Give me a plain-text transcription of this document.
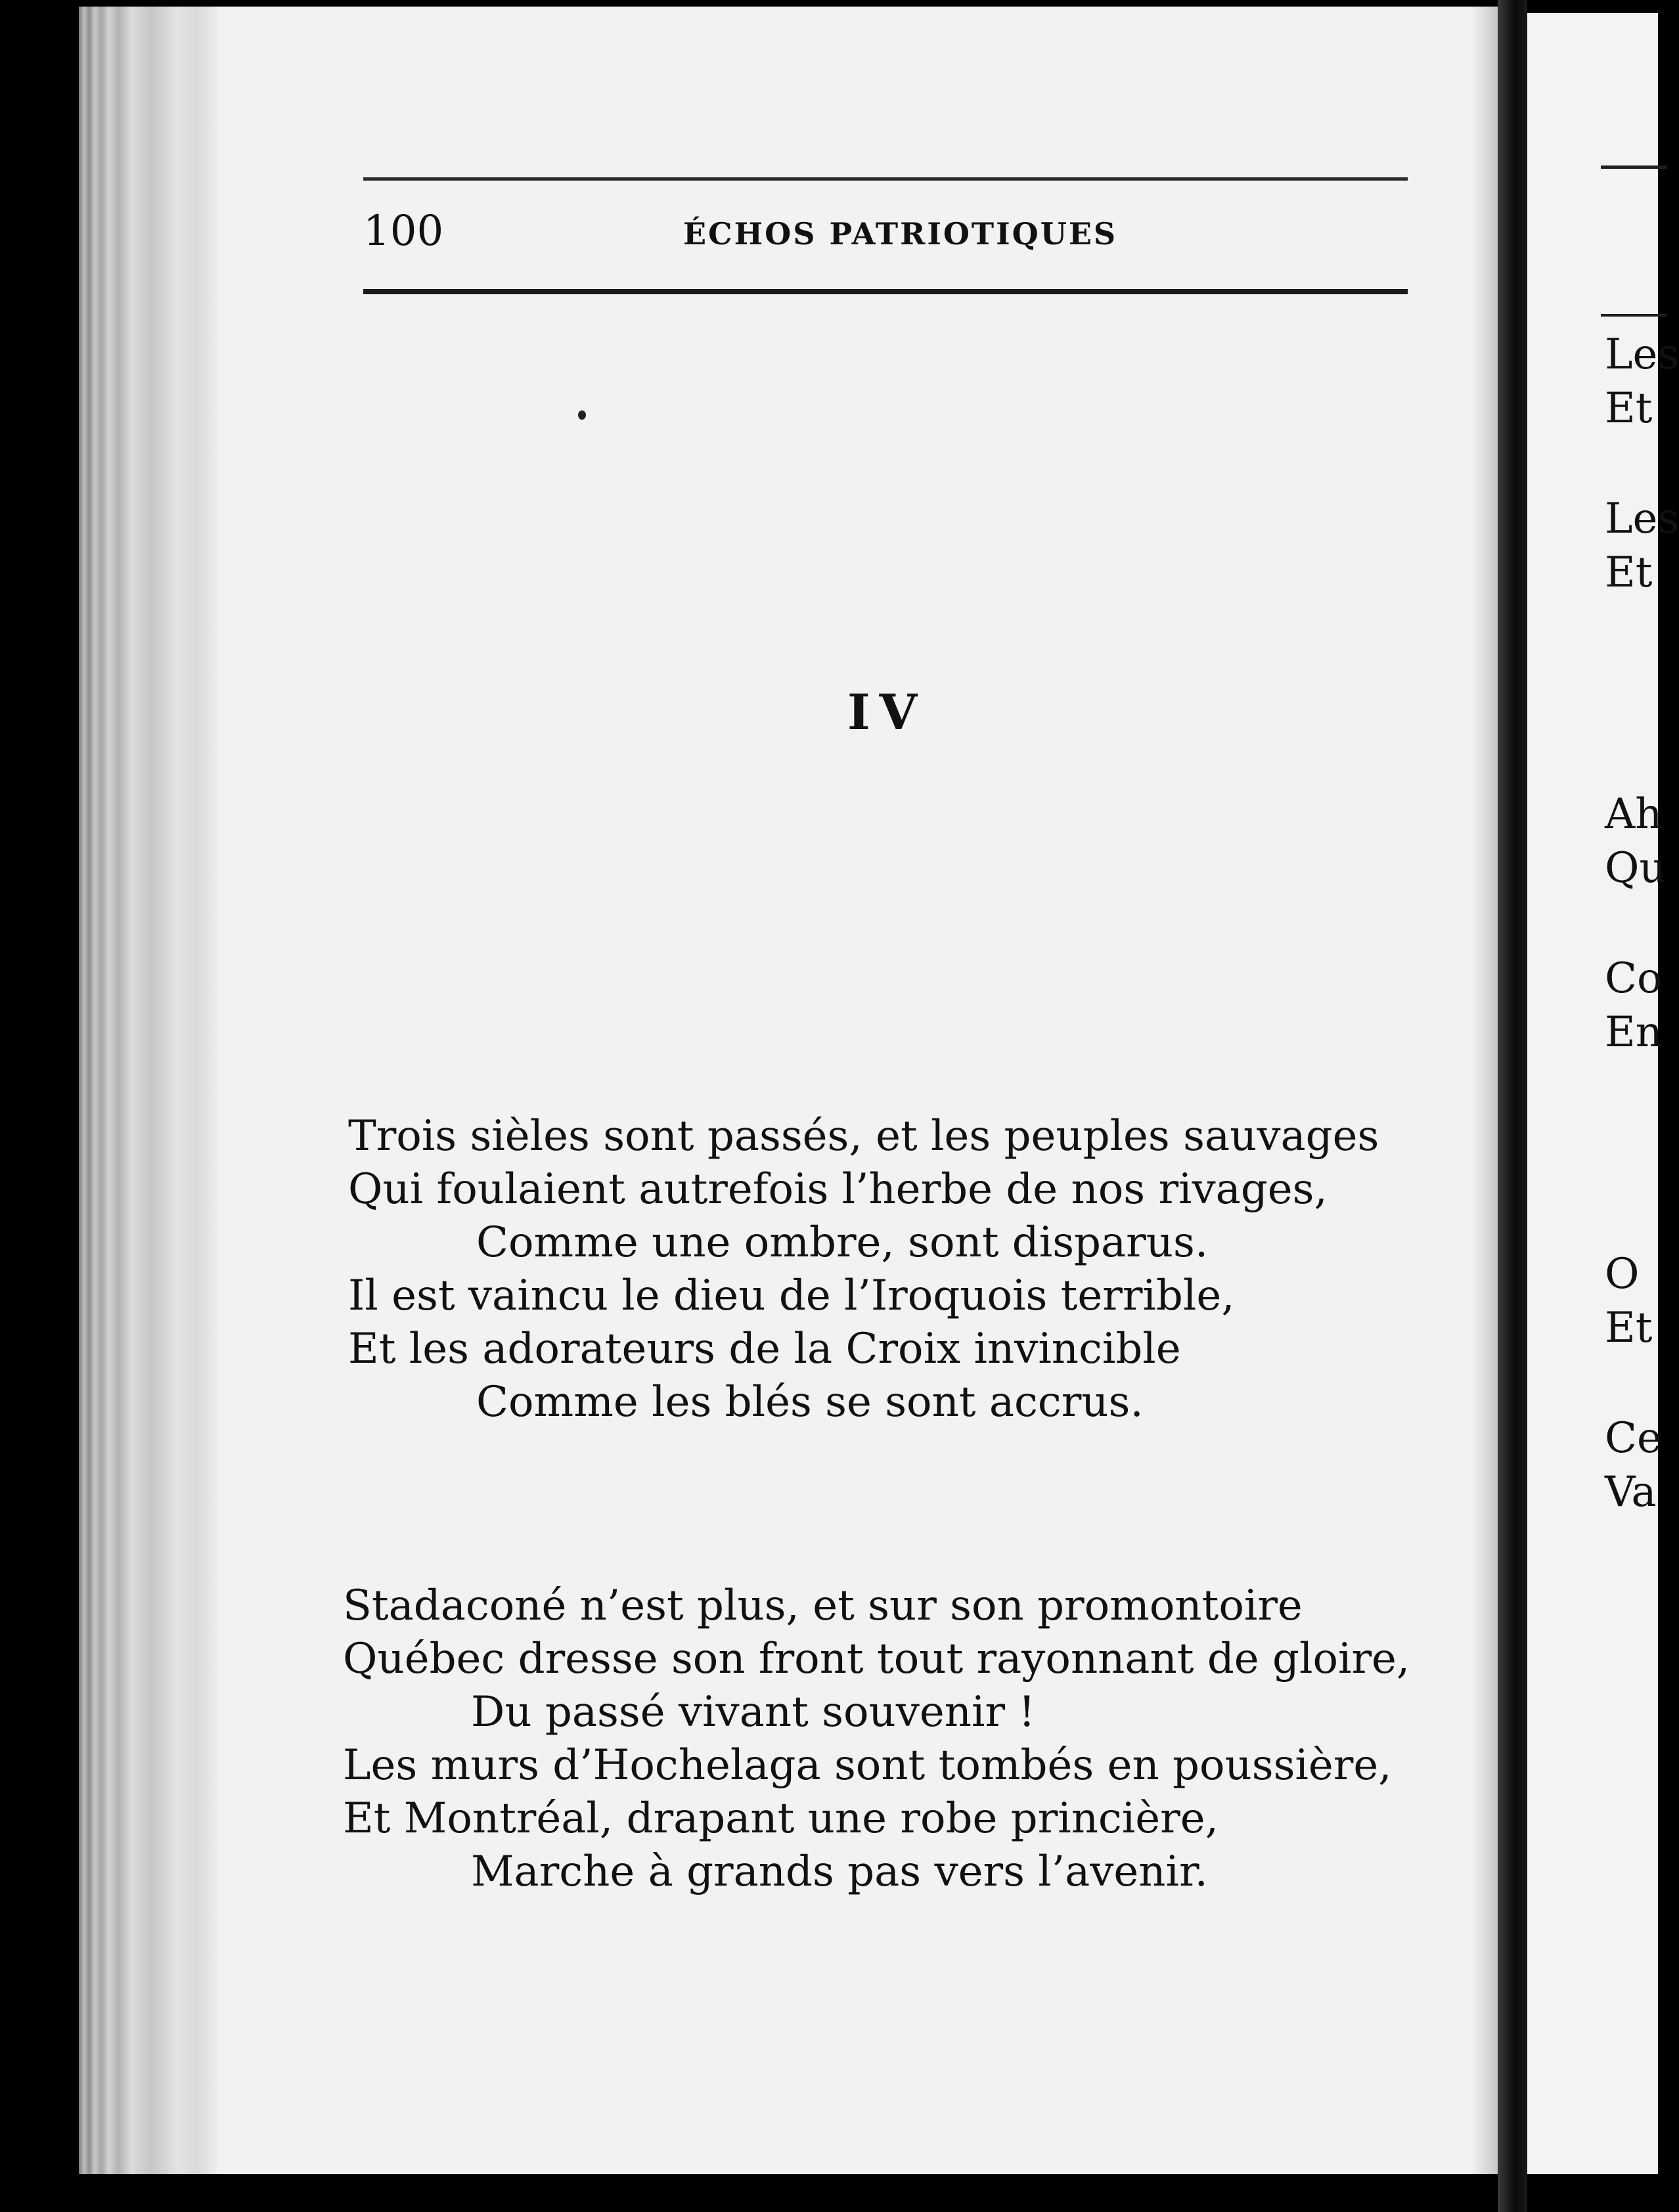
100	ÉCHOS PATRIOTIQUES
IV
Trois sièles sont passés, et les peuples sauvages
Qui foulaient autrefois l’herbe de nos rivages,
Comme une ombre, sont disparus.
Il est vaincu le dieu de l’Iroquois terrible,
Et les adorateurs de la Croix invincible
Comme les blés se sont accrus.
Stadaconé n’est plus, et sur son promontoire
Québec dresse son front tout rayonnant de gloire,
Du passé vivant souvenir !
Les murs d’Hochelaga sont tombés en poussière,
Et Montréal, drapant une robe princière,
Marche à grands pas vers l’avenir.
Les
Et
Les
Et
Ah
Qu
Co
En
O
Et
Ce
Va
